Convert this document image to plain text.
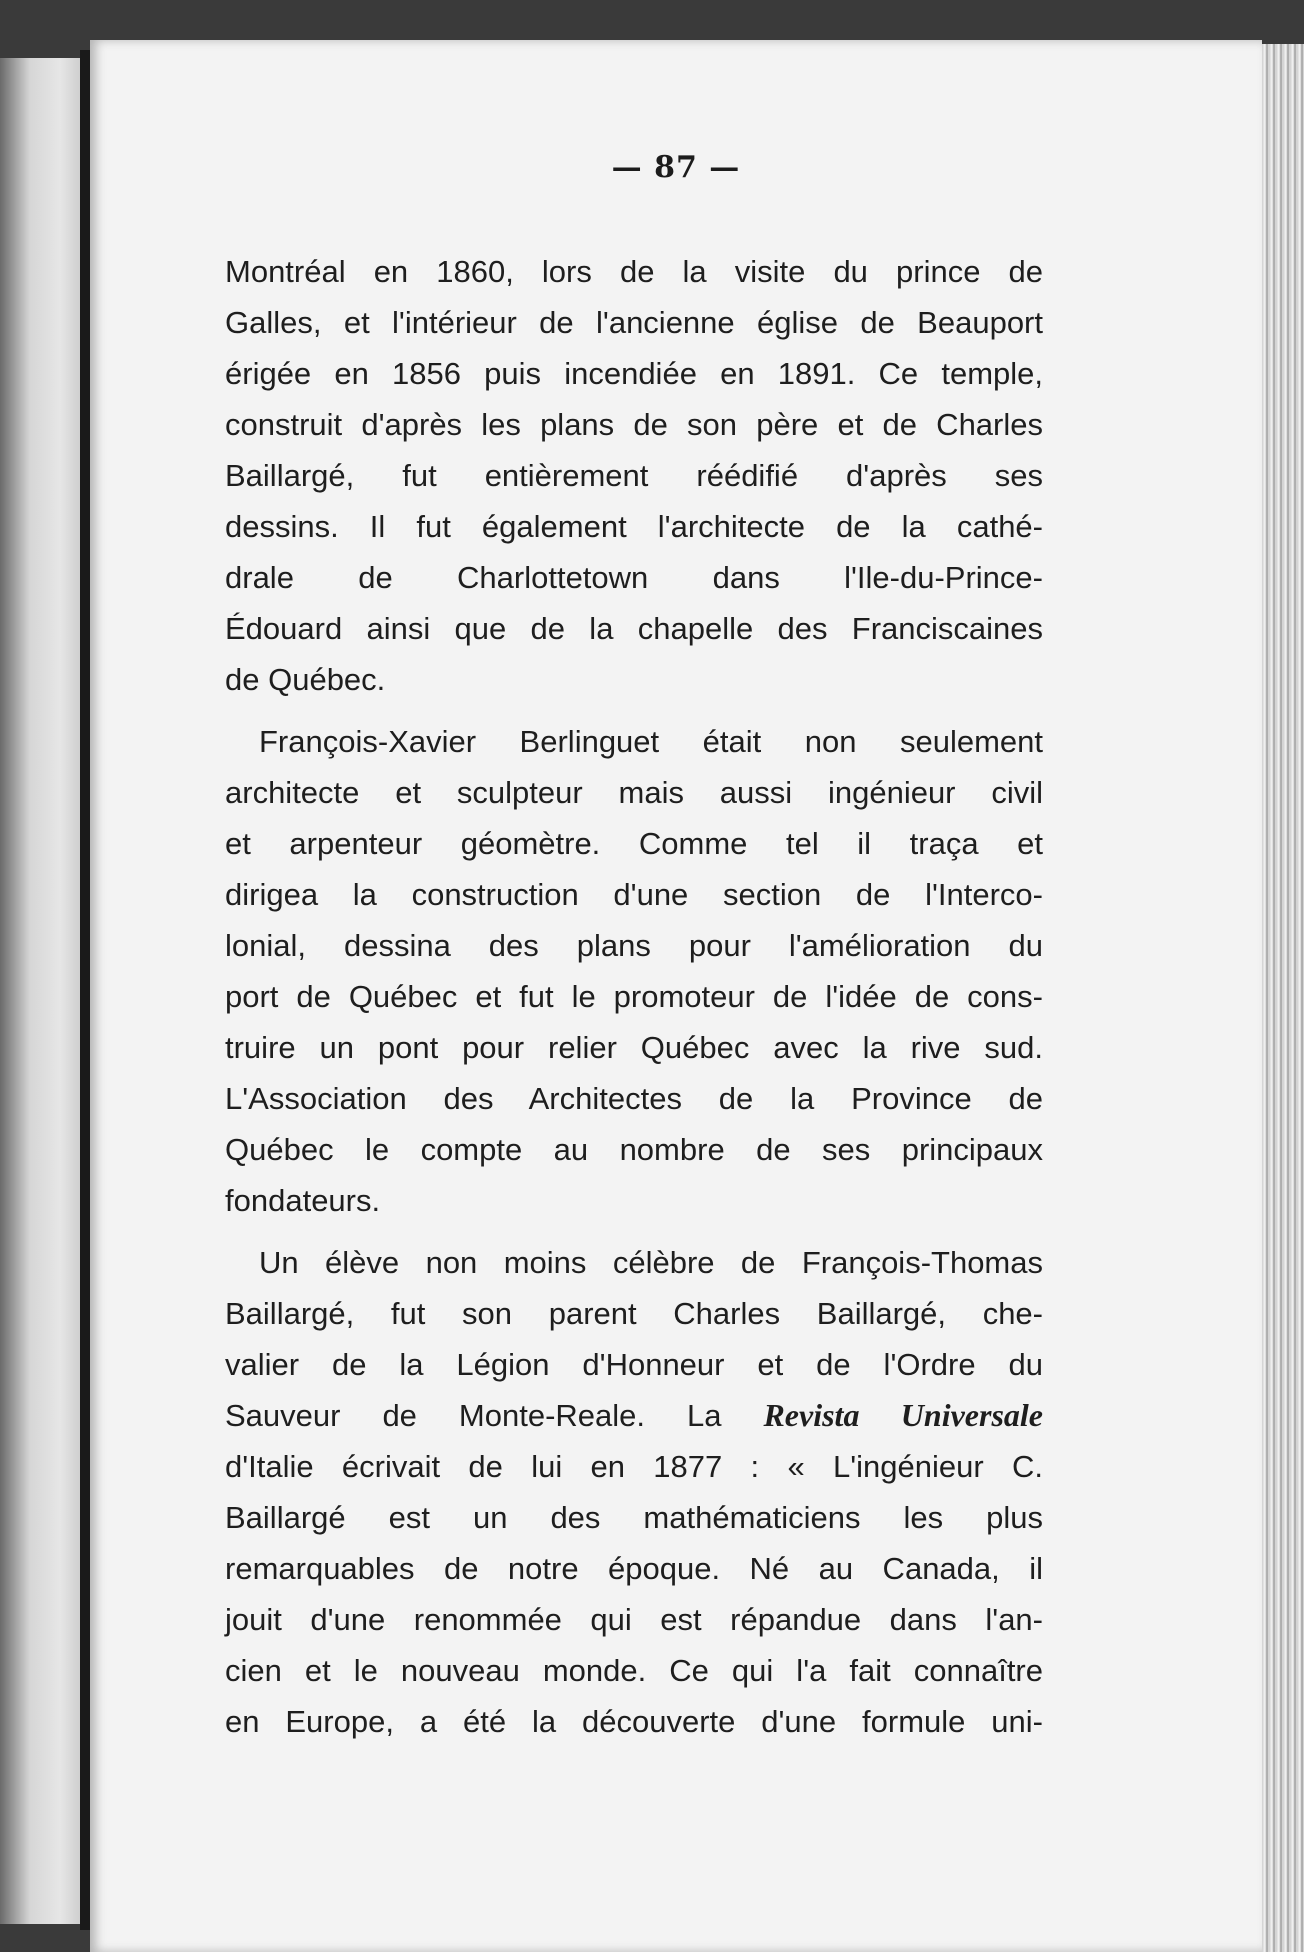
— 87 —
Montréal en 1860, lors de la visite du prince de
Galles, et l'intérieur de l'ancienne église de Beauport
érigée en 1856 puis incendiée en 1891. Ce temple,
construit d'après les plans de son père et de Charles
Baillargé, fut entièrement réédifié d'après ses
dessins. Il fut également l'architecte de la cathé-
drale de Charlottetown dans l'Ile-du-Prince-
Édouard ainsi que de la chapelle des Franciscaines
de Québec.
François-Xavier Berlinguet était non seulement
architecte et sculpteur mais aussi ingénieur civil
et arpenteur géomètre. Comme tel il traça et
dirigea la construction d'une section de l'Interco-
lonial, dessina des plans pour l'amélioration du
port de Québec et fut le promoteur de l'idée de cons-
truire un pont pour relier Québec avec la rive sud.
L'Association des Architectes de la Province de
Québec le compte au nombre de ses principaux
fondateurs.
Un élève non moins célèbre de François-Thomas
Baillargé, fut son parent Charles Baillargé, che-
valier de la Légion d'Honneur et de l'Ordre du
Sauveur de Monte-Reale. La Revista Universale
d'Italie écrivait de lui en 1877 : « L'ingénieur C.
Baillargé est un des mathématiciens les plus
remarquables de notre époque. Né au Canada, il
jouit d'une renommée qui est répandue dans l'an-
cien et le nouveau monde. Ce qui l'a fait connaître
en Europe, a été la découverte d'une formule uni-
